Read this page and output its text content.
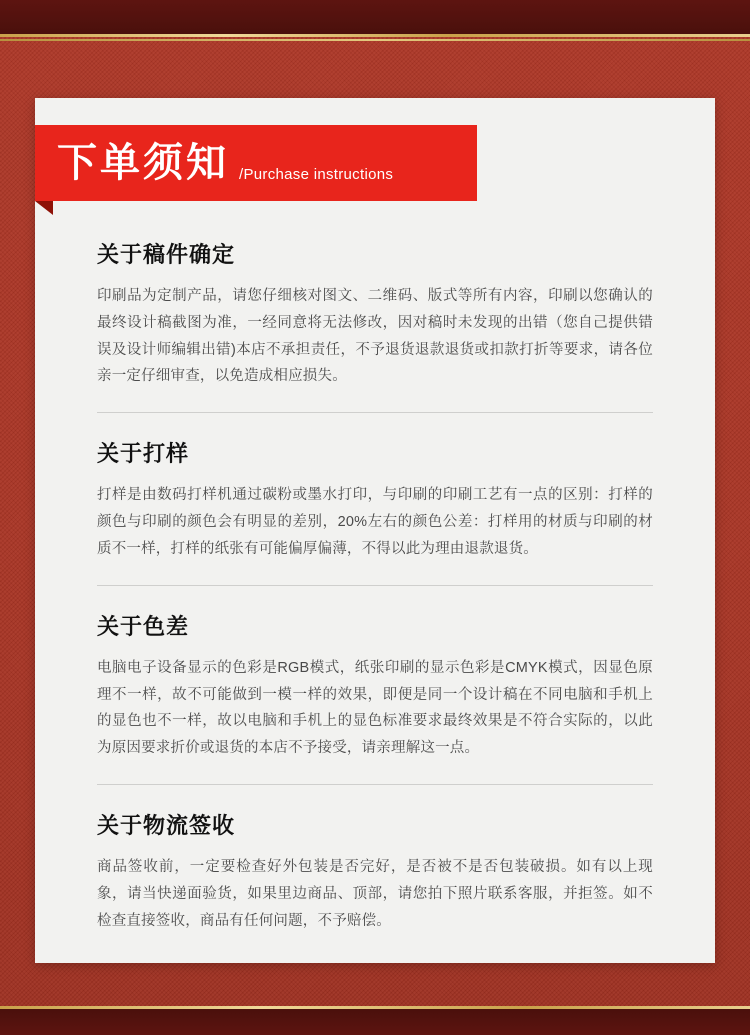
下单须知 /Purchase instructions
关于稿件确定

印刷品为定制产品，请您仔细核对图文、二维码、版式等所有内容，印刷以您确认的最终设计稿截图为准，一经同意将无法修改，因对稿时未发现的出错（您自己提供错误及设计师编辑出错)本店不承担责任，不予退货退款退货或扣款打折等要求，请各位亲一定仔细审查，以免造成相应损失。

关于打样

打样是由数码打样机通过碳粉或墨水打印，与印刷的印刷工艺有一点的区别：打样的颜色与印刷的颜色会有明显的差别，20%左右的颜色公差：打样用的材质与印刷的材质不一样，打样的纸张有可能偏厚偏薄，不得以此为理由退款退货。

关于色差

电脑电子设备显示的色彩是RGB模式，纸张印刷的显示色彩是CMYK模式，因显色原理不一样，故不可能做到一模一样的效果，即便是同一个设计稿在不同电脑和手机上的显色也不一样，故以电脑和手机上的显色标准要求最终效果是不符合实际的，以此为原因要求折价或退货的本店不予接受，请亲理解这一点。

关于物流签收

商品签收前，一定要检查好外包装是否完好，是否被不是否包装破损。如有以上现象，请当快递面验货，如果里边商品、顶部，请您拍下照片联系客服，并拒签。如不检查直接签收，商品有任何问题，不予赔偿。
